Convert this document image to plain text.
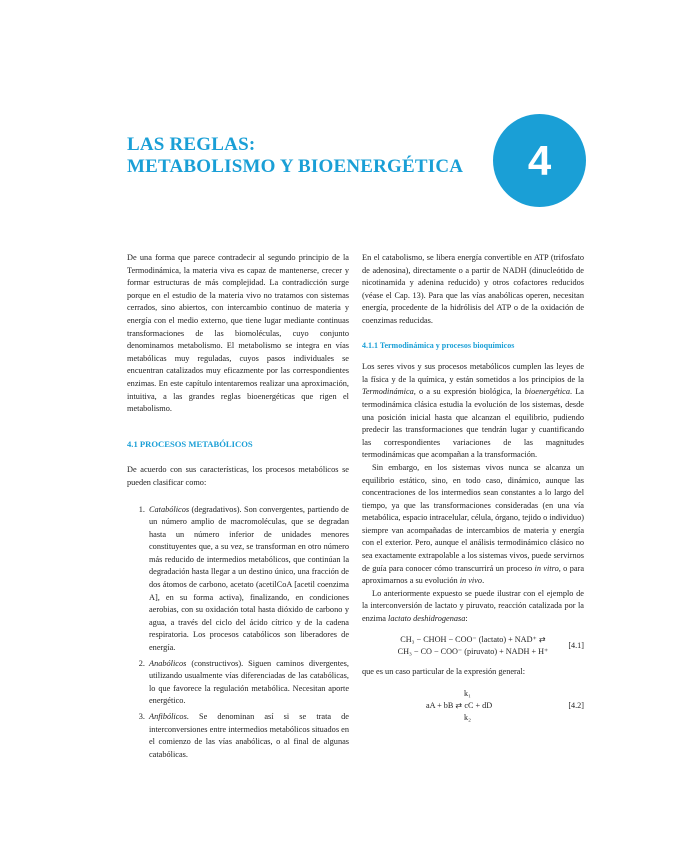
LAS REGLAS:
METABOLISMO Y BIOENERGÉTICA	4

De una forma que parece contradecir al segundo principio de la Termodinámica, la materia viva es capaz de mantenerse, crecer y formar estructuras de más complejidad. La contradicción surge porque en el estudio de la materia vivo no tratamos con sistemas cerrados, sino abiertos, con intercambio continuo de materia y energía con el medio externo, que tiene lugar mediante continuas transformaciones de las biomoléculas, cuyo conjunto denominamos metabolismo. El metabolismo se integra en vías metabólicas muy reguladas, cuyos pasos individuales se encuentran catalizados muy eficazmente por las correspondientes enzimas. En este capítulo intentaremos realizar una aproximación, intuitiva, a las grandes reglas bioenergéticas que rigen el metabolismo.

4.1 PROCESOS METABÓLICOS

De acuerdo con sus características, los procesos metabólicos se pueden clasificar como:

1. Catabólicos (degradativos). Son convergentes, partiendo de un número amplio de macromoléculas, que se degradan hasta un número inferior de unidades menores constituyentes que, a su vez, se transforman en otro número más reducido de intermedios metabólicos, que continúan la degradación hasta llegar a un destino único, una fracción de dos átomos de carbono, acetato (acetilCoA [acetil coenzima A], en su forma activa), finalizando, en condiciones aerobias, con su oxidación total hasta dióxido de carbono y agua, a través del ciclo del ácido cítrico y de la cadena respiratoria. Los procesos catabólicos son liberadores de energía.
2. Anabólicos (constructivos). Siguen caminos divergentes, utilizando usualmente vías diferenciadas de las catabólicas, lo que favorece la regulación metabólica. Necesitan aporte energético.
3. Anfibólicos. Se denominan así si se trata de interconversiones entre intermedios metabólicos situados en el comienzo de las vías anabólicas, o al final de algunas catabólicas.

En el catabolismo, se libera energía convertible en ATP (trifosfato de adenosina), directamente o a partir de NADH (dinucleótido de nicotinamida y adenina reducido) y otros cofactores reducidos (véase el Cap. 13). Para que las vías anabólicas operen, necesitan energía, procedente de la hidrólisis del ATP o de la oxidación de coenzimas reducidas.

4.1.1 Termodinámica y procesos bioquímicos

Los seres vivos y sus procesos metabólicos cumplen las leyes de la física y de la química, y están sometidos a los principios de la Termodinámica, o a su expresión biológica, la bioenergética. La termodinámica clásica estudia la evolución de los sistemas, desde una posición inicial hasta que alcanzan el equilibrio, pudiendo predecir las transformaciones que tendrán lugar y cuantificando las correspondientes variaciones de las magnitudes termodinámicas que acompañan a la transformación.

Sin embargo, en los sistemas vivos nunca se alcanza un equilibrio estático, sino, en todo caso, dinámico, aunque las concentraciones de los intermedios sean constantes a lo largo del tiempo, ya que las transformaciones consideradas (en una vía metabólica, espacio intracelular, célula, órgano, tejido o individuo) siempre van acompañadas de intercambios de materia y energía con el exterior. Pero, aunque el análisis termodinámico clásico no sea exactamente extrapolable a los sistemas vivos, puede servirnos de guía para conocer cómo transcurrirá un proceso in vitro, o para aproximarnos a su evolución in vivo.

Lo anteriormente expuesto se puede ilustrar con el ejemplo de la interconversión de lactato y piruvato, reacción catalizada por la enzima lactato deshidrogenasa:

CH₃ − CHOH − COO⁻ (lactato) + NAD⁺ ⇄
CH₃ − CO − COO⁻ (piruvato) + NADH + H⁺
[4.1]

que es un caso particular de la expresión general:

k₁
aA + bB ⇄ cC + dD
k₂
[4.2]
